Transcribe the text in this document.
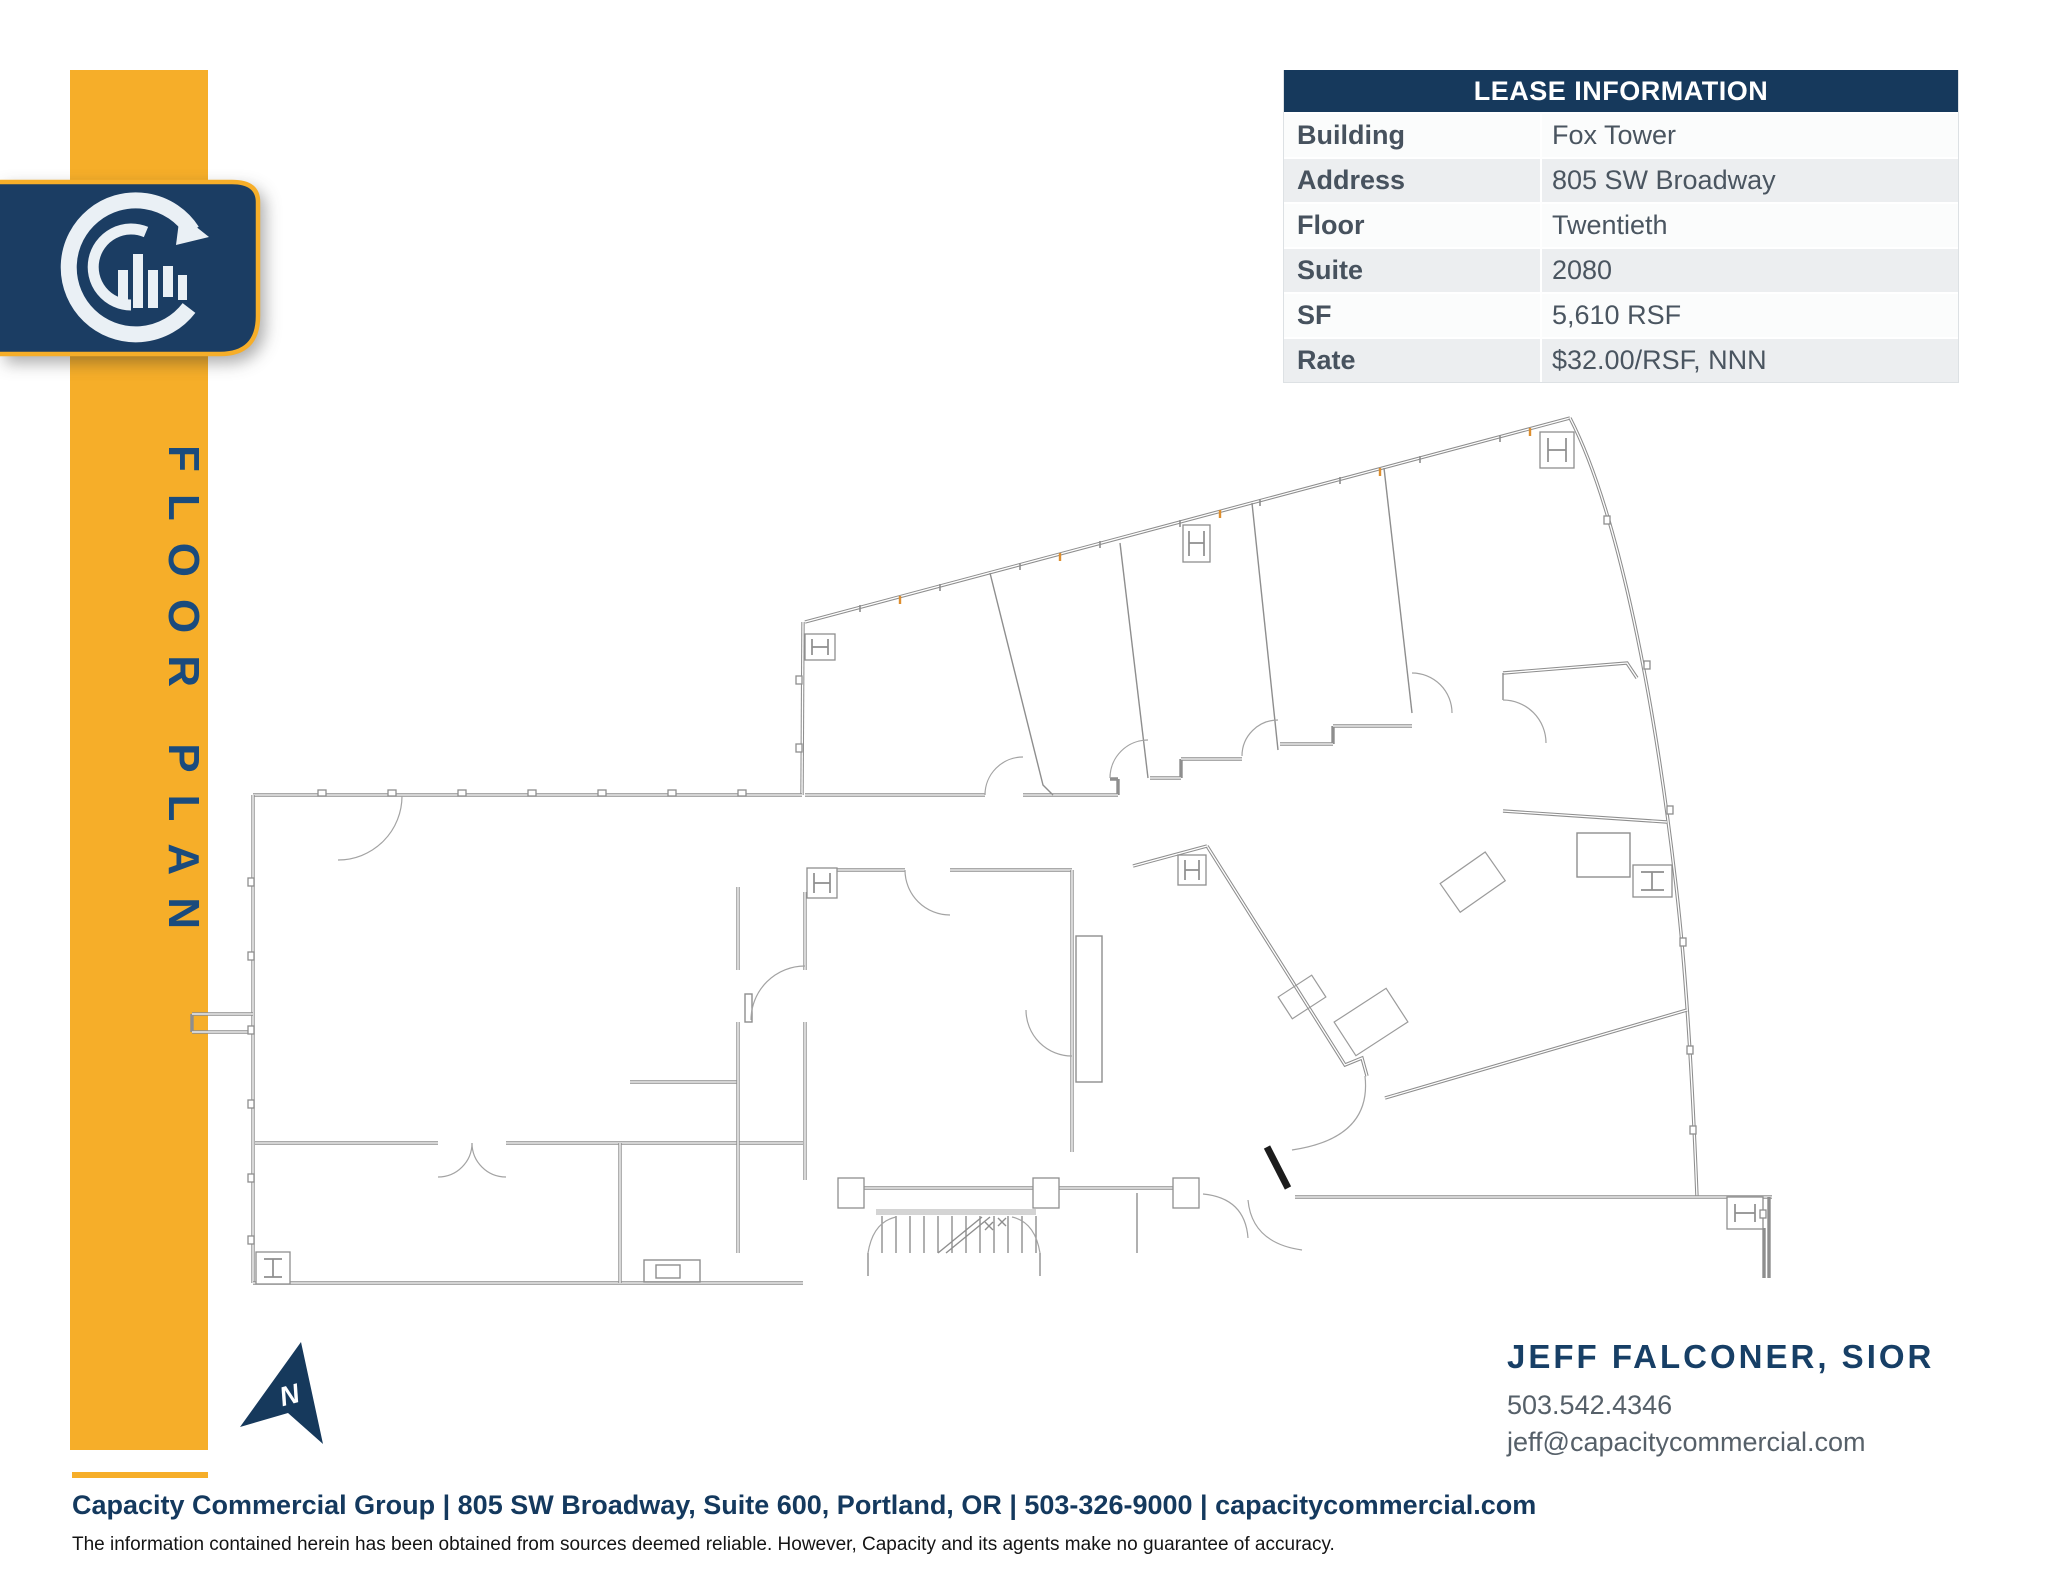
FLOOR PLAN
LEASE INFORMATION
Building	Fox Tower
Address	805 SW Broadway
Floor	Twentieth
Suite	2080
SF	5,610 RSF
Rate	$32.00/RSF, NNN
N
JEFF FALCONER, SIOR
503.542.4346
jeff@capacitycommercial.com
Capacity Commercial Group | 805 SW Broadway, Suite 600, Portland, OR | 503-326-9000 | capacitycommercial.com
The information contained herein has been obtained from sources deemed reliable. However, Capacity and its agents make no guarantee of accuracy.
